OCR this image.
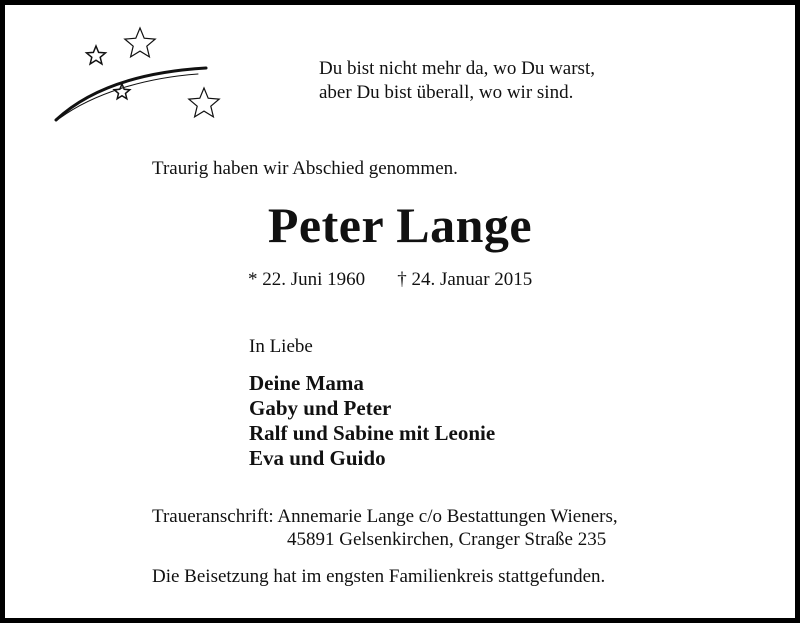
Du bist nicht mehr da, wo Du warst,
aber Du bist überall, wo wir sind.
Traurig haben wir Abschied genommen.
Peter Lange
* 22. Juni 1960 † 24. Januar 2015
In Liebe
Deine Mama
Gaby und Peter
Ralf und Sabine mit Leonie
Eva und Guido
Traueranschrift: Annemarie Lange c/o Bestattungen Wieners,
45891 Gelsenkirchen, Cranger Straße 235
Die Beisetzung hat im engsten Familienkreis stattgefunden.
